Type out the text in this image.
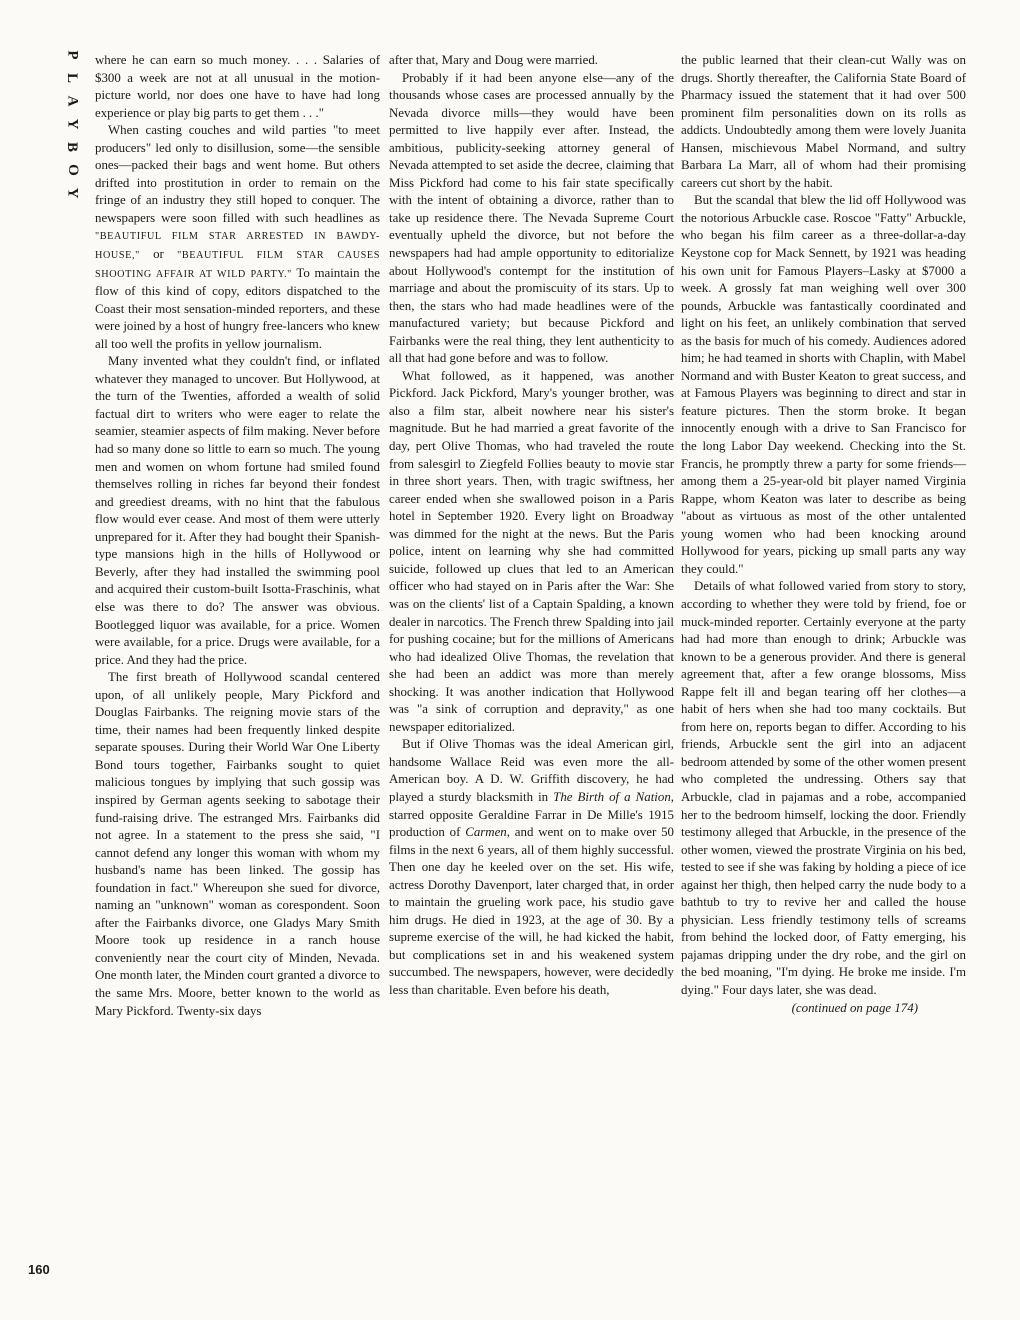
P
L
A
Y
B
O
Y
160

where he can earn so much money. . . . Salaries of $300 a week are not at all unusual in the motion-picture world, nor does one have to have had long experience or play big parts to get them . . ."

When casting couches and wild parties "to meet producers" led only to disillusion, some—the sensible ones—packed their bags and went home. But others drifted into prostitution in order to remain on the fringe of an industry they still hoped to conquer. The newspapers were soon filled with such headlines as "BEAUTIFUL FILM STAR ARRESTED IN BAWDY-HOUSE," or "BEAUTIFUL FILM STAR CAUSES SHOOTING AFFAIR AT WILD PARTY." To maintain the flow of this kind of copy, editors dispatched to the Coast their most sensation-minded reporters, and these were joined by a host of hungry free-lancers who knew all too well the profits in yellow journalism.

Many invented what they couldn't find, or inflated whatever they managed to uncover. But Hollywood, at the turn of the Twenties, afforded a wealth of solid factual dirt to writers who were eager to relate the seamier, steamier aspects of film making. Never before had so many done so little to earn so much. The young men and women on whom fortune had smiled found themselves rolling in riches far beyond their fondest and greediest dreams, with no hint that the fabulous flow would ever cease. And most of them were utterly unprepared for it. After they had bought their Spanish-type mansions high in the hills of Hollywood or Beverly, after they had installed the swimming pool and acquired their custom-built Isotta-Fraschinis, what else was there to do? The answer was obvious. Bootlegged liquor was available, for a price. Women were available, for a price. Drugs were available, for a price. And they had the price.

The first breath of Hollywood scandal centered upon, of all unlikely people, Mary Pickford and Douglas Fairbanks. The reigning movie stars of the time, their names had been frequently linked despite separate spouses. During their World War One Liberty Bond tours together, Fairbanks sought to quiet malicious tongues by implying that such gossip was inspired by German agents seeking to sabotage their fund-raising drive. The estranged Mrs. Fairbanks did not agree. In a statement to the press she said, "I cannot defend any longer this woman with whom my husband's name has been linked. The gossip has foundation in fact." Whereupon she sued for divorce, naming an "unknown" woman as corespondent. Soon after the Fairbanks divorce, one Gladys Mary Smith Moore took up residence in a ranch house conveniently near the court city of Minden, Nevada. One month later, the Minden court granted a divorce to the same Mrs. Moore, better known to the world as Mary Pickford. Twenty-six days

after that, Mary and Doug were married.

Probably if it had been anyone else—any of the thousands whose cases are processed annually by the Nevada divorce mills—they would have been permitted to live happily ever after. Instead, the ambitious, publicity-seeking attorney general of Nevada attempted to set aside the decree, claiming that Miss Pickford had come to his fair state specifically with the intent of obtaining a divorce, rather than to take up residence there. The Nevada Supreme Court eventually upheld the divorce, but not before the newspapers had had ample opportunity to editorialize about Hollywood's contempt for the institution of marriage and about the promiscuity of its stars. Up to then, the stars who had made headlines were of the manufactured variety; but because Pickford and Fairbanks were the real thing, they lent authenticity to all that had gone before and was to follow.

What followed, as it happened, was another Pickford. Jack Pickford, Mary's younger brother, was also a film star, albeit nowhere near his sister's magnitude. But he had married a great favorite of the day, pert Olive Thomas, who had traveled the route from salesgirl to Ziegfeld Follies beauty to movie star in three short years. Then, with tragic swiftness, her career ended when she swallowed poison in a Paris hotel in September 1920. Every light on Broadway was dimmed for the night at the news. But the Paris police, intent on learning why she had committed suicide, followed up clues that led to an American officer who had stayed on in Paris after the War: She was on the clients' list of a Captain Spalding, a known dealer in narcotics. The French threw Spalding into jail for pushing cocaine; but for the millions of Americans who had idealized Olive Thomas, the revelation that she had been an addict was more than merely shocking. It was another indication that Hollywood was "a sink of corruption and depravity," as one newspaper editorialized.

But if Olive Thomas was the ideal American girl, handsome Wallace Reid was even more the all-American boy. A D. W. Griffith discovery, he had played a sturdy blacksmith in The Birth of a Nation, starred opposite Geraldine Farrar in De Mille's 1915 production of Carmen, and went on to make over 50 films in the next 6 years, all of them highly successful. Then one day he keeled over on the set. His wife, actress Dorothy Davenport, later charged that, in order to maintain the grueling work pace, his studio gave him drugs. He died in 1923, at the age of 30. By a supreme exercise of the will, he had kicked the habit, but complications set in and his weakened system succumbed. The newspapers, however, were decidedly less than charitable. Even before his death,

the public learned that their clean-cut Wally was on drugs. Shortly thereafter, the California State Board of Pharmacy issued the statement that it had over 500 prominent film personalities down on its rolls as addicts. Undoubtedly among them were lovely Juanita Hansen, mischievous Mabel Normand, and sultry Barbara La Marr, all of whom had their promising careers cut short by the habit.

But the scandal that blew the lid off Hollywood was the notorious Arbuckle case. Roscoe "Fatty" Arbuckle, who began his film career as a three-dollar-a-day Keystone cop for Mack Sennett, by 1921 was heading his own unit for Famous Players–Lasky at $7000 a week. A grossly fat man weighing well over 300 pounds, Arbuckle was fantastically coordinated and light on his feet, an unlikely combination that served as the basis for much of his comedy. Audiences adored him; he had teamed in shorts with Chaplin, with Mabel Normand and with Buster Keaton to great success, and at Famous Players was beginning to direct and star in feature pictures. Then the storm broke. It began innocently enough with a drive to San Francisco for the long Labor Day weekend. Checking into the St. Francis, he promptly threw a party for some friends—among them a 25-year-old bit player named Virginia Rappe, whom Keaton was later to describe as being "about as virtuous as most of the other untalented young women who had been knocking around Hollywood for years, picking up small parts any way they could."

Details of what followed varied from story to story, according to whether they were told by friend, foe or muck-minded reporter. Certainly everyone at the party had had more than enough to drink; Arbuckle was known to be a generous provider. And there is general agreement that, after a few orange blossoms, Miss Rappe felt ill and began tearing off her clothes—a habit of hers when she had too many cocktails. But from here on, reports began to differ. According to his friends, Arbuckle sent the girl into an adjacent bedroom attended by some of the other women present who completed the undressing. Others say that Arbuckle, clad in pajamas and a robe, accompanied her to the bedroom himself, locking the door. Friendly testimony alleged that Arbuckle, in the presence of the other women, viewed the prostrate Virginia on his bed, tested to see if she was faking by holding a piece of ice against her thigh, then helped carry the nude body to a bathtub to try to revive her and called the house physician. Less friendly testimony tells of screams from behind the locked door, of Fatty emerging, his pajamas dripping under the dry robe, and the girl on the bed moaning, "I'm dying. He broke me inside. I'm dying." Four days later, she was dead.

(continued on page 174)
